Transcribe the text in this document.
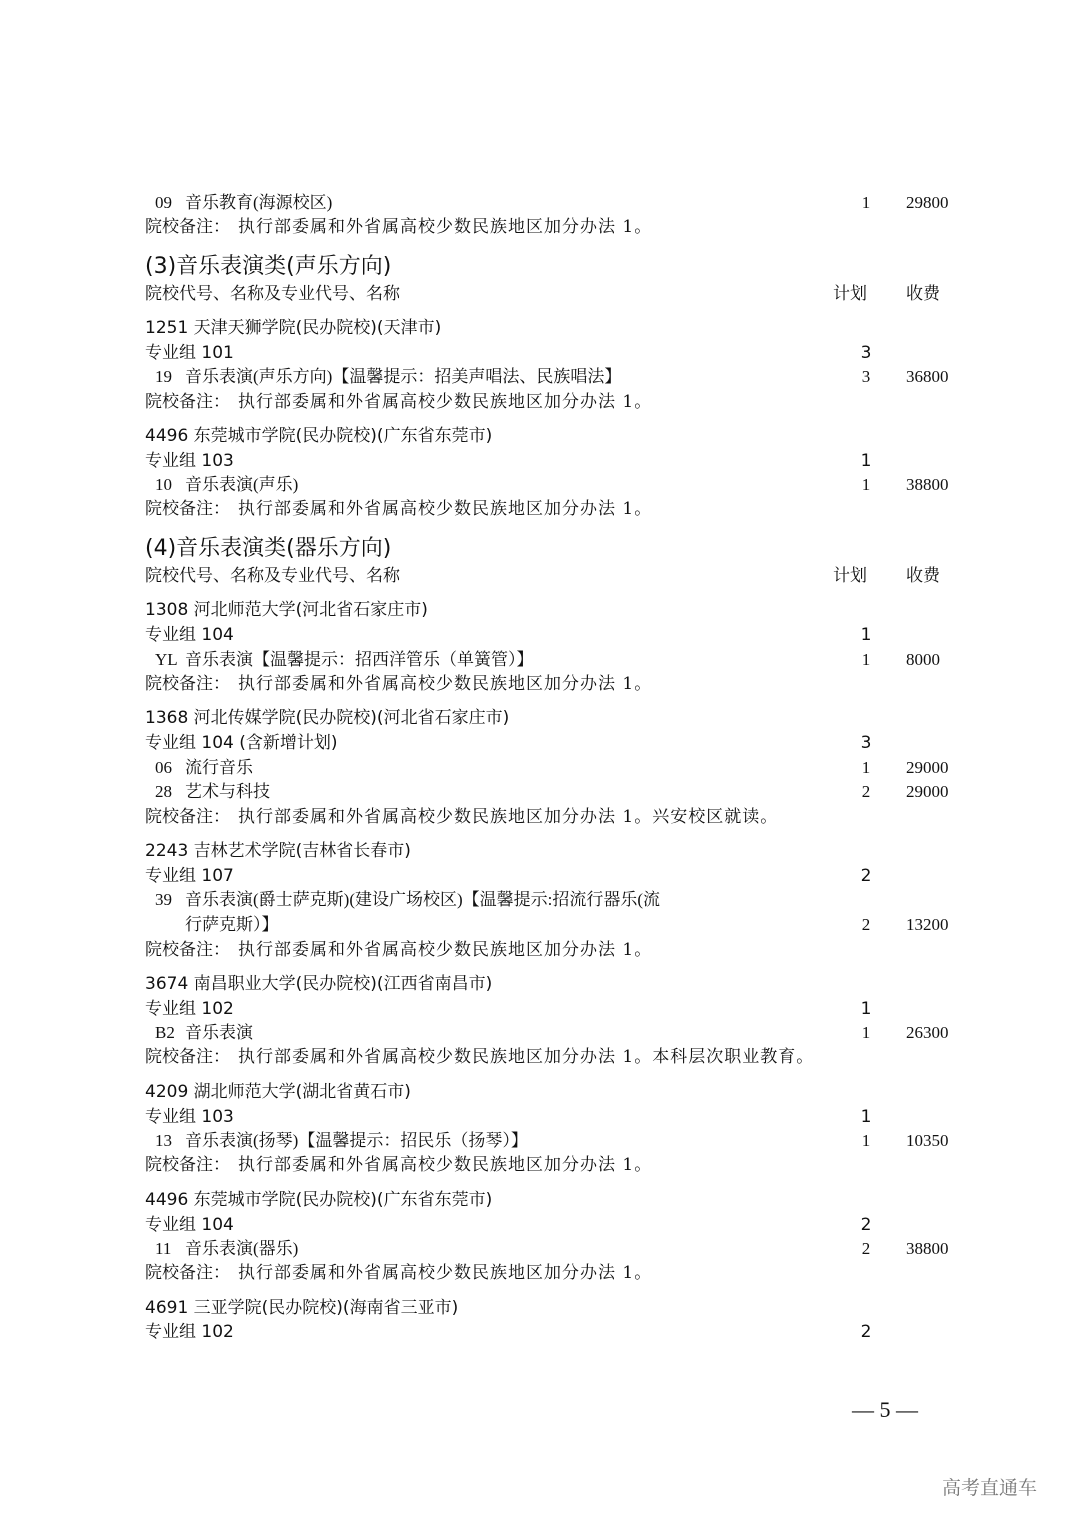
09 音乐教育(海源校区)	1 29800
院校备注： 执行部委属和外省属高校少数民族地区加分办法 1。
(3)音乐表演类(声乐方向)
院校代号、名称及专业代号、名称	计划 收费
1251 天津天狮学院(民办院校)(天津市)
专业组 101	3
19 音乐表演(声乐方向)【温馨提示：招美声唱法、民族唱法】	3 36800
院校备注： 执行部委属和外省属高校少数民族地区加分办法 1。
4496 东莞城市学院(民办院校)(广东省东莞市)
专业组 103	1
10 音乐表演(声乐)	1 38800
院校备注： 执行部委属和外省属高校少数民族地区加分办法 1。
(4)音乐表演类(器乐方向)
院校代号、名称及专业代号、名称	计划 收费
1308 河北师范大学(河北省石家庄市)
专业组 104	1
YL 音乐表演【温馨提示：招西洋管乐（单簧管）】	1 8000
院校备注： 执行部委属和外省属高校少数民族地区加分办法 1。
1368 河北传媒学院(民办院校)(河北省石家庄市)
专业组 104 (含新增计划)	3
06 流行音乐	1 29000
28 艺术与科技	2 29000
院校备注： 执行部委属和外省属高校少数民族地区加分办法 1。兴安校区就读。
2243 吉林艺术学院(吉林省长春市)
专业组 107	2
39 音乐表演(爵士萨克斯)(建设广场校区)【温馨提示:招流行器乐(流
行萨克斯）】	2 13200
院校备注： 执行部委属和外省属高校少数民族地区加分办法 1。
3674 南昌职业大学(民办院校)(江西省南昌市)
专业组 102	1
B2 音乐表演	1 26300
院校备注： 执行部委属和外省属高校少数民族地区加分办法 1。本科层次职业教育。
4209 湖北师范大学(湖北省黄石市)
专业组 103	1
13 音乐表演(扬琴)【温馨提示：招民乐（扬琴）】	1 10350
院校备注： 执行部委属和外省属高校少数民族地区加分办法 1。
4496 东莞城市学院(民办院校)(广东省东莞市)
专业组 104	2
11 音乐表演(器乐)	2 38800
院校备注： 执行部委属和外省属高校少数民族地区加分办法 1。
4691 三亚学院(民办院校)(海南省三亚市)
专业组 102	2
— 5 —
高考直通车
